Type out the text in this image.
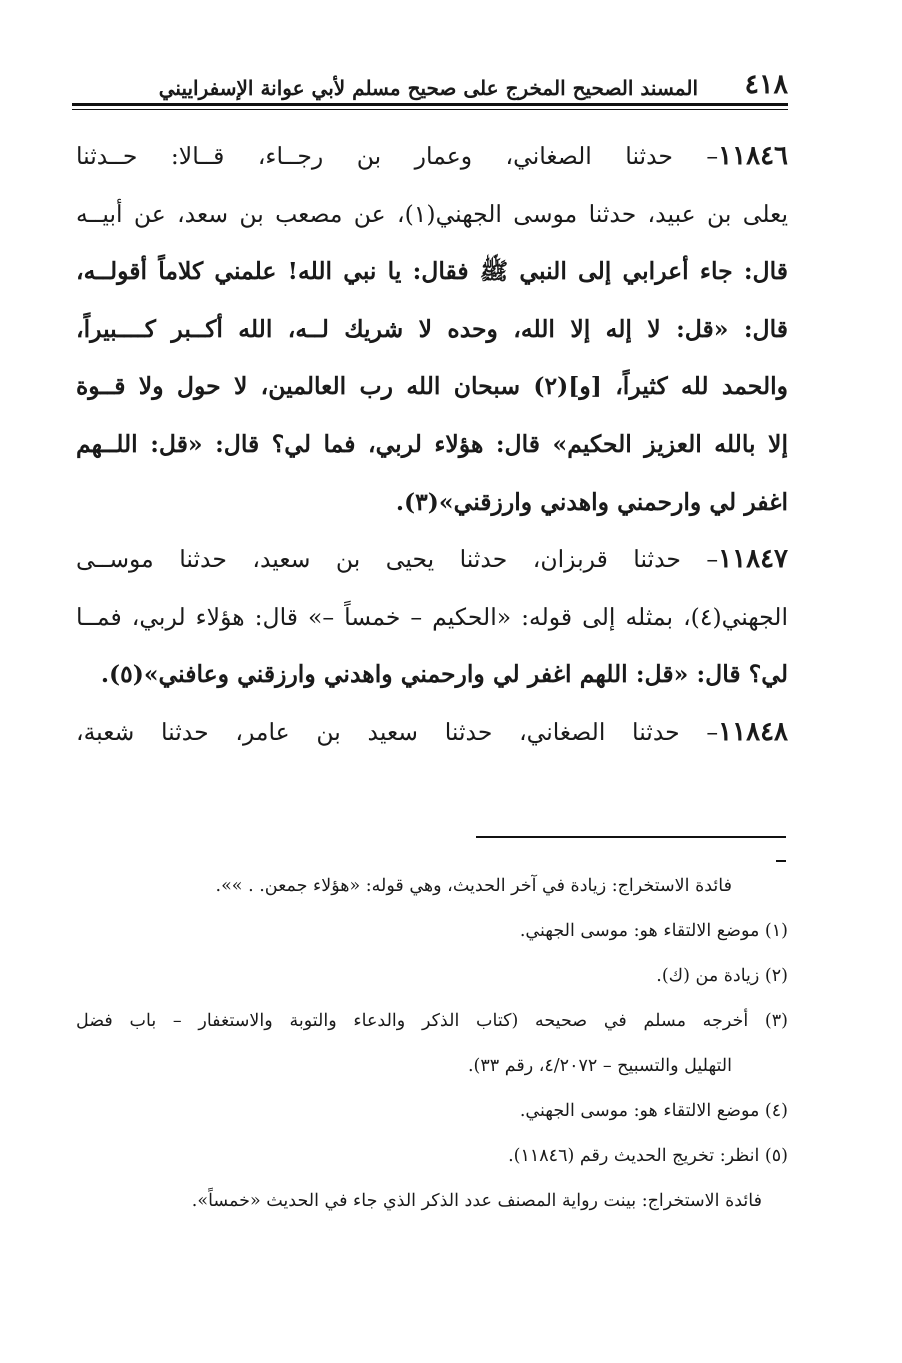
٤١٨
المسند الصحيح المخرج على صحيح مسلم لأبي عوانة الإسفراييني
١١٨٤٦– حدثنا الصغاني، وعمار بن رجــاء، قــالا: حــدثنا
يعلى بن عبيد، حدثنا موسى الجهني(١)، عن مصعب بن سعد، عن أبيــه
قال: جاء أعرابي إلى النبي ﷺ فقال: يا نبي الله! علمني كلاماً أقولــه،
قال: «قل: لا إله إلا الله، وحده لا شريك لــه، الله أكــبر كــــبيراً،
والحمد لله كثيراً، [و](٢) سبحان الله رب العالمين، لا حول ولا قــوة
إلا بالله العزيز الحكيم» قال: هؤلاء لربي، فما لي؟ قال: «قل: اللــهم
اغفر لي وارحمني واهدني وارزقني»(٣).
١١٨٤٧– حدثنا قربزان، حدثنا يحيى بن سعيد، حدثنا موســى
الجهني(٤)، بمثله إلى قوله: «الحكيم – خمساً –» قال: هؤلاء لربي، فمــا
لي؟ قال: «قل: اللهم اغفر لي وارحمني واهدني وارزقني وعافني»(٥).
١١٨٤٨– حدثنا الصغاني، حدثنا سعيد بن عامر، حدثنا شعبة،
فائدة الاستخراج: زيادة في آخر الحديث، وهي قوله: «هؤلاء جمعن. . »».
(١) موضع الالتقاء هو: موسى الجهني.
(٢) زيادة من (ك).
(٣) أخرجه مسلم في صحيحه (كتاب الذكر والدعاء والتوبة والاستغفار – باب فضل
التهليل والتسبيح – ٤/٢٠٧٢، رقم ٣٣).
(٤) موضع الالتقاء هو: موسى الجهني.
(٥) انظر: تخريج الحديث رقم (١١٨٤٦).
فائدة الاستخراج: بينت رواية المصنف عدد الذكر الذي جاء في الحديث «خمساً».
